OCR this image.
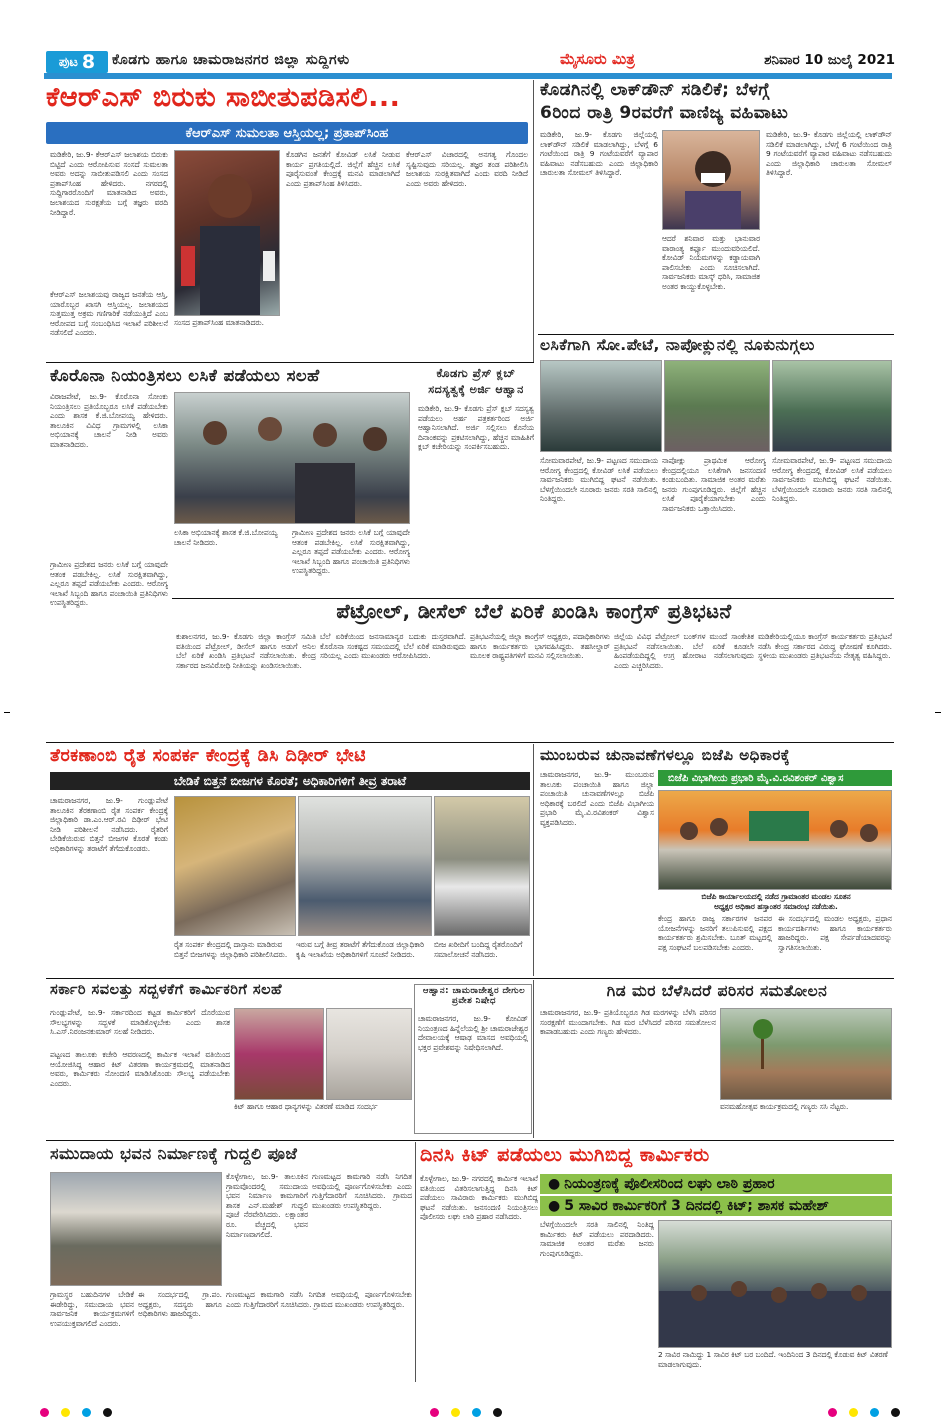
ಪುಟ 8 ಕೊಡಗು ಹಾಗೂ ಚಾಮರಾಜನಗರ ಜಿಲ್ಲಾ ಸುದ್ದಿಗಳು	ಮೈಸೂರು ಮಿತ್ರ	ಶನಿವಾರ 10 ಜುಲೈ 2021
ಕೆಆರ್‌ಎಸ್ ಬಿರುಕು ಸಾಬೀತುಪಡಿಸಲಿ...
ಕೆಆರ್‌ಎಸ್ ಸುಮಲತಾ ಆಸ್ತಿಯಲ್ಲ; ಪ್ರತಾಪ್‌ಸಿಂಹ
ಮಡಿಕೇರಿ, ಜು.9- ಕೆಆರ್‌ಎಸ್ ಜಲಾಶಯ ಬಿರುಕು ಬಿಟ್ಟಿದೆ ಎಂದು ಆರೋಪಿಸುವ ಸಂಸದೆ ಸುಮಲತಾ ಅವರು ಅದನ್ನು ಸಾಬೀತುಪಡಿಸಲಿ ಎಂದು ಸಂಸದ ಪ್ರತಾಪ್‌ಸಿಂಹ ಹೇಳಿದರು. ನಗರದಲ್ಲಿ ಸುದ್ದಿಗಾರರೊಂದಿಗೆ ಮಾತನಾಡಿದ ಅವರು, ಜಲಾಶಯದ ಸುರಕ್ಷತೆಯ ಬಗ್ಗೆ ತಜ್ಞರು ವರದಿ ನೀಡಿದ್ದಾರೆ.
ಸಂಸದ ಪ್ರತಾಪ್‌ಸಿಂಹ ಮಾತನಾಡಿದರು.
ಕೊಡಗಿನ ಜನತೆಗೆ ಕೋವಿಡ್ ಲಸಿಕೆ ನೀಡುವ ಕಾರ್ಯ ಪ್ರಗತಿಯಲ್ಲಿದೆ. ಜಿಲ್ಲೆಗೆ ಹೆಚ್ಚಿನ ಲಸಿಕೆ ಪೂರೈಸುವಂತೆ ಕೇಂದ್ರಕ್ಕೆ ಮನವಿ ಮಾಡಲಾಗಿದೆ ಎಂದು ಪ್ರತಾಪ್‌ಸಿಂಹ ತಿಳಿಸಿದರು.
ಕೆಆರ್‌ಎಸ್ ವಿಚಾರದಲ್ಲಿ ಅನಗತ್ಯ ಗೊಂದಲ ಸೃಷ್ಟಿಸುವುದು ಸರಿಯಲ್ಲ. ತಜ್ಞರ ತಂಡ ಪರಿಶೀಲಿಸಿ ಜಲಾಶಯ ಸುರಕ್ಷಿತವಾಗಿದೆ ಎಂದು ವರದಿ ನೀಡಿದೆ ಎಂದು ಅವರು ಹೇಳಿದರು.
ಕೆಆರ್‌ಎಸ್ ಜಲಾಶಯವು ರಾಜ್ಯದ ಜನತೆಯ ಆಸ್ತಿ, ಯಾರೊಬ್ಬರ ಖಾಸಗಿ ಆಸ್ತಿಯಲ್ಲ. ಜಲಾಶಯದ ಸುತ್ತಮುತ್ತ ಅಕ್ರಮ ಗಣಿಗಾರಿಕೆ ನಡೆಯುತ್ತಿದೆ ಎಂಬ ಆರೋಪದ ಬಗ್ಗೆ ಸಂಬಂಧಿಸಿದ ಇಲಾಖೆ ಪರಿಶೀಲನೆ ನಡೆಸಲಿದೆ ಎಂದರು.
ಕೊಡಗಿನಲ್ಲಿ ಲಾಕ್‌ಡೌನ್ ಸಡಿಲಿಕೆ; ಬೆಳಗ್ಗೆ
6ರಿಂದ ರಾತ್ರಿ 9ರವರೆಗೆ ವಾಣಿಜ್ಯ ವಹಿವಾಟು
ಮಡಿಕೇರಿ, ಜು.9- ಕೊಡಗು ಜಿಲ್ಲೆಯಲ್ಲಿ ಲಾಕ್‌ಡೌನ್ ಸಡಿಲಿಕೆ ಮಾಡಲಾಗಿದ್ದು, ಬೆಳಗ್ಗೆ 6 ಗಂಟೆಯಿಂದ ರಾತ್ರಿ 9 ಗಂಟೆಯವರೆಗೆ ವ್ಯಾಪಾರ ವಹಿವಾಟು ನಡೆಸಬಹುದು ಎಂದು ಜಿಲ್ಲಾಧಿಕಾರಿ ಚಾರುಲತಾ ಸೋಮಲ್ ತಿಳಿಸಿದ್ದಾರೆ.
ಆದರೆ ಶನಿವಾರ ಮತ್ತು ಭಾನುವಾರ ವಾರಾಂತ್ಯ ಕರ್ಫ್ಯೂ ಮುಂದುವರಿಯಲಿದೆ. ಕೋವಿಡ್ ನಿಯಮಗಳನ್ನು ಕಡ್ಡಾಯವಾಗಿ ಪಾಲಿಸಬೇಕು ಎಂದು ಸೂಚಿಸಲಾಗಿದೆ. ಸಾರ್ವಜನಿಕರು ಮಾಸ್ಕ್ ಧರಿಸಿ, ಸಾಮಾಜಿಕ ಅಂತರ ಕಾಯ್ದುಕೊಳ್ಳಬೇಕು.
ಮಡಿಕೇರಿ, ಜು.9- ಕೊಡಗು ಜಿಲ್ಲೆಯಲ್ಲಿ ಲಾಕ್‌ಡೌನ್ ಸಡಿಲಿಕೆ ಮಾಡಲಾಗಿದ್ದು, ಬೆಳಗ್ಗೆ 6 ಗಂಟೆಯಿಂದ ರಾತ್ರಿ 9 ಗಂಟೆಯವರೆಗೆ ವ್ಯಾಪಾರ ವಹಿವಾಟು ನಡೆಸಬಹುದು ಎಂದು ಜಿಲ್ಲಾಧಿಕಾರಿ ಚಾರುಲತಾ ಸೋಮಲ್ ತಿಳಿಸಿದ್ದಾರೆ.
ಲಸಿಕೆಗಾಗಿ ಸೋ.ಪೇಟೆ, ನಾಪೋಕ್ಲುನಲ್ಲಿ ನೂಕುನುಗ್ಗಲು
ಸೋಮವಾರಪೇಟೆ, ಜು.9- ಪಟ್ಟಣದ ಸಮುದಾಯ ಆರೋಗ್ಯ ಕೇಂದ್ರದಲ್ಲಿ ಕೋವಿಡ್ ಲಸಿಕೆ ಪಡೆಯಲು ಸಾರ್ವಜನಿಕರು ಮುಗಿಬಿದ್ದ ಘಟನೆ ನಡೆಯಿತು. ಬೆಳಗ್ಗೆಯಿಂದಲೇ ನೂರಾರು ಜನರು ಸರತಿ ಸಾಲಿನಲ್ಲಿ ನಿಂತಿದ್ದರು.
ನಾಪೋಕ್ಲು ಪ್ರಾಥಮಿಕ ಆರೋಗ್ಯ ಕೇಂದ್ರದಲ್ಲಿಯೂ ಲಸಿಕೆಗಾಗಿ ಜನಸಂದಣಿ ಕಂಡುಬಂದಿತು. ಸಾಮಾಜಿಕ ಅಂತರ ಮರೆತು ಜನರು ಗುಂಪುಗೂಡಿದ್ದರು. ಜಿಲ್ಲೆಗೆ ಹೆಚ್ಚಿನ ಲಸಿಕೆ ಪೂರೈಕೆಯಾಗಬೇಕು ಎಂದು ಸಾರ್ವಜನಿಕರು ಒತ್ತಾಯಿಸಿದರು.
ಸೋಮವಾರಪೇಟೆ, ಜು.9- ಪಟ್ಟಣದ ಸಮುದಾಯ ಆರೋಗ್ಯ ಕೇಂದ್ರದಲ್ಲಿ ಕೋವಿಡ್ ಲಸಿಕೆ ಪಡೆಯಲು ಸಾರ್ವಜನಿಕರು ಮುಗಿಬಿದ್ದ ಘಟನೆ ನಡೆಯಿತು. ಬೆಳಗ್ಗೆಯಿಂದಲೇ ನೂರಾರು ಜನರು ಸರತಿ ಸಾಲಿನಲ್ಲಿ ನಿಂತಿದ್ದರು.
ಕೊರೊನಾ ನಿಯಂತ್ರಿಸಲು ಲಸಿಕೆ ಪಡೆಯಲು ಸಲಹೆ
ವಿರಾಜಪೇಟೆ, ಜು.9- ಕೊರೊನಾ ಸೋಂಕು ನಿಯಂತ್ರಿಸಲು ಪ್ರತಿಯೊಬ್ಬರೂ ಲಸಿಕೆ ಪಡೆಯಬೇಕು ಎಂದು ಶಾಸಕ ಕೆ.ಜಿ.ಬೋಪಯ್ಯ ಹೇಳಿದರು. ತಾಲೂಕಿನ ವಿವಿಧ ಗ್ರಾಮಗಳಲ್ಲಿ ಲಸಿಕಾ ಅಭಿಯಾನಕ್ಕೆ ಚಾಲನೆ ನೀಡಿ ಅವರು ಮಾತನಾಡಿದರು.
ಲಸಿಕಾ ಅಭಿಯಾನಕ್ಕೆ ಶಾಸಕ ಕೆ.ಜಿ.ಬೋಪಯ್ಯ ಚಾಲನೆ ನೀಡಿದರು.
ಗ್ರಾಮೀಣ ಪ್ರದೇಶದ ಜನರು ಲಸಿಕೆ ಬಗ್ಗೆ ಯಾವುದೇ ಆತಂಕ ಪಡಬೇಕಿಲ್ಲ. ಲಸಿಕೆ ಸುರಕ್ಷಿತವಾಗಿದ್ದು, ಎಲ್ಲರೂ ತಪ್ಪದೆ ಪಡೆಯಬೇಕು ಎಂದರು. ಆರೋಗ್ಯ ಇಲಾಖೆ ಸಿಬ್ಬಂದಿ ಹಾಗೂ ಪಂಚಾಯಿತಿ ಪ್ರತಿನಿಧಿಗಳು ಉಪಸ್ಥಿತರಿದ್ದರು.
ಗ್ರಾಮೀಣ ಪ್ರದೇಶದ ಜನರು ಲಸಿಕೆ ಬಗ್ಗೆ ಯಾವುದೇ ಆತಂಕ ಪಡಬೇಕಿಲ್ಲ. ಲಸಿಕೆ ಸುರಕ್ಷಿತವಾಗಿದ್ದು, ಎಲ್ಲರೂ ತಪ್ಪದೆ ಪಡೆಯಬೇಕು ಎಂದರು. ಆರೋಗ್ಯ ಇಲಾಖೆ ಸಿಬ್ಬಂದಿ ಹಾಗೂ ಪಂಚಾಯಿತಿ ಪ್ರತಿನಿಧಿಗಳು ಉಪಸ್ಥಿತರಿದ್ದರು.
ಕೊಡಗು ಪ್ರೆಸ್ ಕ್ಲಬ್
ಸದಸ್ಯತ್ವಕ್ಕೆ ಅರ್ಜಿ ಆಹ್ವಾನ
ಮಡಿಕೇರಿ, ಜು.9- ಕೊಡಗು ಪ್ರೆಸ್ ಕ್ಲಬ್ ಸದಸ್ಯತ್ವ ಪಡೆಯಲು ಅರ್ಹ ಪತ್ರಕರ್ತರಿಂದ ಅರ್ಜಿ ಆಹ್ವಾನಿಸಲಾಗಿದೆ. ಅರ್ಜಿ ಸಲ್ಲಿಸಲು ಕೊನೆಯ ದಿನಾಂಕವನ್ನು ಪ್ರಕಟಿಸಲಾಗಿದ್ದು, ಹೆಚ್ಚಿನ ಮಾಹಿತಿಗೆ ಕ್ಲಬ್ ಕಚೇರಿಯನ್ನು ಸಂಪರ್ಕಿಸಬಹುದು.
ಪೆಟ್ರೋಲ್, ಡೀಸೆಲ್ ಬೆಲೆ ಏರಿಕೆ ಖಂಡಿಸಿ ಕಾಂಗ್ರೆಸ್ ಪ್ರತಿಭಟನೆ
ಕುಶಾಲನಗರ, ಜು.9- ಕೊಡಗು ಜಿಲ್ಲಾ ಕಾಂಗ್ರೆಸ್ ಸಮಿತಿ ವತಿಯಿಂದ ಪೆಟ್ರೋಲ್, ಡೀಸೆಲ್ ಹಾಗೂ ಅಡುಗೆ ಅನಿಲ ಬೆಲೆ ಏರಿಕೆ ಖಂಡಿಸಿ ಪ್ರತಿಭಟನೆ ನಡೆಸಲಾಯಿತು. ಕೇಂದ್ರ ಸರ್ಕಾರದ ಜನವಿರೋಧಿ ನೀತಿಯನ್ನು ಖಂಡಿಸಲಾಯಿತು.
ಬೆಲೆ ಏರಿಕೆಯಿಂದ ಜನಸಾಮಾನ್ಯರ ಬದುಕು ದುಸ್ತರವಾಗಿದೆ. ಕೊರೊನಾ ಸಂಕಷ್ಟದ ಸಮಯದಲ್ಲಿ ಬೆಲೆ ಏರಿಕೆ ಮಾಡಿರುವುದು ಸರಿಯಲ್ಲ ಎಂದು ಮುಖಂಡರು ಆರೋಪಿಸಿದರು.
ಪ್ರತಿಭಟನೆಯಲ್ಲಿ ಜಿಲ್ಲಾ ಕಾಂಗ್ರೆಸ್ ಅಧ್ಯಕ್ಷರು, ಪದಾಧಿಕಾರಿಗಳು ಹಾಗೂ ಕಾರ್ಯಕರ್ತರು ಭಾಗವಹಿಸಿದ್ದರು. ತಹಸೀಲ್ದಾರ್ ಮೂಲಕ ರಾಷ್ಟ್ರಪತಿಗಳಿಗೆ ಮನವಿ ಸಲ್ಲಿಸಲಾಯಿತು.
ಜಿಲ್ಲೆಯ ವಿವಿಧ ಪೆಟ್ರೋಲ್ ಬಂಕ್‌ಗಳ ಮುಂದೆ ಸಾಂಕೇತಿಕ ಪ್ರತಿಭಟನೆ ನಡೆಸಲಾಯಿತು. ಬೆಲೆ ಏರಿಕೆ ಕೂಡಲೇ ಹಿಂಪಡೆಯದಿದ್ದಲ್ಲಿ ಉಗ್ರ ಹೋರಾಟ ನಡೆಸಲಾಗುವುದು ಎಂದು ಎಚ್ಚರಿಸಿದರು.
ಮಡಿಕೇರಿಯಲ್ಲಿಯೂ ಕಾಂಗ್ರೆಸ್ ಕಾರ್ಯಕರ್ತರು ಪ್ರತಿಭಟನೆ ನಡೆಸಿ ಕೇಂದ್ರ ಸರ್ಕಾರದ ವಿರುದ್ಧ ಘೋಷಣೆ ಕೂಗಿದರು. ಸ್ಥಳೀಯ ಮುಖಂಡರು ಪ್ರತಿಭಟನೆಯ ನೇತೃತ್ವ ವಹಿಸಿದ್ದರು.
ತೆರಕಣಾಂಬಿ ರೈತ ಸಂಪರ್ಕ ಕೇಂದ್ರಕ್ಕೆ ಡಿಸಿ ದಿಢೀರ್ ಭೇಟಿ
ಬೇಡಿಕೆ ಬಿತ್ತನೆ ಬೀಜಗಳ ಕೊರತೆ; ಅಧಿಕಾರಿಗಳಿಗೆ ತೀವ್ರ ತರಾಟೆ
ಚಾಮರಾಜನಗರ, ಜು.9- ಗುಂಡ್ಲುಪೇಟೆ ತಾಲೂಕಿನ ತೆರಕಣಾಂಬಿ ರೈತ ಸಂಪರ್ಕ ಕೇಂದ್ರಕ್ಕೆ ಜಿಲ್ಲಾಧಿಕಾರಿ ಡಾ.ಎಂ.ಆರ್.ರವಿ ದಿಢೀರ್ ಭೇಟಿ ನೀಡಿ ಪರಿಶೀಲನೆ ನಡೆಸಿದರು. ರೈತರಿಗೆ ಬೇಡಿಕೆಯಿರುವ ಬಿತ್ತನೆ ಬೀಜಗಳ ಕೊರತೆ ಕಂಡು ಅಧಿಕಾರಿಗಳನ್ನು ತರಾಟೆಗೆ ತೆಗೆದುಕೊಂಡರು.
ರೈತ ಸಂಪರ್ಕ ಕೇಂದ್ರದಲ್ಲಿ ದಾಸ್ತಾನು ಮಾಡಿರುವ ಬಿತ್ತನೆ ಬೀಜಗಳನ್ನು ಜಿಲ್ಲಾಧಿಕಾರಿ ಪರಿಶೀಲಿಸಿದರು.
ಇರುವ ಬಗ್ಗೆ ತೀವ್ರ ತರಾಟೆಗೆ ತೆಗೆದುಕೊಂಡ ಜಿಲ್ಲಾಧಿಕಾರಿ ಕೃಷಿ ಇಲಾಖೆಯ ಅಧಿಕಾರಿಗಳಿಗೆ ಸೂಚನೆ ನೀಡಿದರು.
ಬೀಜ ಖರೀದಿಗೆ ಬಂದಿದ್ದ ರೈತರೊಂದಿಗೆ ಸಮಾಲೋಚನೆ ನಡೆಸಿದರು.
ಮುಂಬರುವ ಚುನಾವಣೆಗಳಲ್ಲೂ ಬಿಜೆಪಿ ಅಧಿಕಾರಕ್ಕೆ
ಬಿಜೆಪಿ ವಿಭಾಗೀಯ ಪ್ರಭಾರಿ ಮೈ.ವಿ.ರವಿಶಂಕರ್ ವಿಶ್ವಾಸ
ಚಾಮರಾಜನಗರ, ಜು.9- ಮುಂಬರುವ ತಾಲೂಕು ಪಂಚಾಯಿತಿ ಹಾಗೂ ಜಿಲ್ಲಾ ಪಂಚಾಯಿತಿ ಚುನಾವಣೆಗಳಲ್ಲೂ ಬಿಜೆಪಿ ಅಧಿಕಾರಕ್ಕೆ ಬರಲಿದೆ ಎಂದು ಬಿಜೆಪಿ ವಿಭಾಗೀಯ ಪ್ರಭಾರಿ ಮೈ.ವಿ.ರವಿಶಂಕರ್ ವಿಶ್ವಾಸ ವ್ಯಕ್ತಪಡಿಸಿದರು.
ಬಿಜೆಪಿ ಕಾರ್ಯಾಲಯದಲ್ಲಿ ನಡೆದ ಗ್ರಾಮಾಂತರ ಮಂಡಲ ಸೂತನ
ಅಧ್ಯಕ್ಷರ ಅಧಿಕಾರ ಹಸ್ತಾಂತರ ಸಮಾರಂಭ ನಡೆಯಿತು.
ಕೇಂದ್ರ ಹಾಗೂ ರಾಜ್ಯ ಸರ್ಕಾರಗಳ ಜನಪರ ಯೋಜನೆಗಳನ್ನು ಜನರಿಗೆ ತಲುಪಿಸುವಲ್ಲಿ ಪಕ್ಷದ ಕಾರ್ಯಕರ್ತರು ಶ್ರಮಿಸಬೇಕು. ಬೂತ್ ಮಟ್ಟದಲ್ಲಿ ಪಕ್ಷ ಸಂಘಟನೆ ಬಲಪಡಿಸಬೇಕು ಎಂದರು.
ಈ ಸಂದರ್ಭದಲ್ಲಿ ಮಂಡಲ ಅಧ್ಯಕ್ಷರು, ಪ್ರಧಾನ ಕಾರ್ಯದರ್ಶಿಗಳು ಹಾಗೂ ಕಾರ್ಯಕರ್ತರು ಹಾಜರಿದ್ದರು. ಪಕ್ಷ ಸೇರ್ಪಡೆಯಾದವರನ್ನು ಸ್ವಾಗತಿಸಲಾಯಿತು.
ಸರ್ಕಾರಿ ಸವಲತ್ತು ಸದ್ಬಳಕೆಗೆ ಕಾರ್ಮಿಕರಿಗೆ ಸಲಹೆ
ಗುಂಡ್ಲುಪೇಟೆ, ಜು.9- ಸರ್ಕಾರದಿಂದ ಕಟ್ಟಡ ಕಾರ್ಮಿಕರಿಗೆ ದೊರೆಯುವ ಸೌಲಭ್ಯಗಳನ್ನು ಸದ್ಬಳಕೆ ಮಾಡಿಕೊಳ್ಳಬೇಕು ಎಂದು ಶಾಸಕ ಸಿ.ಎಸ್.ನಿರಂಜನಕುಮಾರ್ ಸಲಹೆ ನೀಡಿದರು.
ಕಿಟ್ ಹಾಗೂ ಆಹಾರ ಧಾನ್ಯಗಳನ್ನು ವಿತರಣೆ ಮಾಡಿದ ಸಂದರ್ಭ
ಪಟ್ಟಣದ ತಾಲೂಕು ಕಚೇರಿ ಆವರಣದಲ್ಲಿ ಕಾರ್ಮಿಕ ಇಲಾಖೆ ವತಿಯಿಂದ ಆಯೋಜಿಸಿದ್ದ ಆಹಾರ ಕಿಟ್ ವಿತರಣಾ ಕಾರ್ಯಕ್ರಮದಲ್ಲಿ ಮಾತನಾಡಿದ ಅವರು, ಕಾರ್ಮಿಕರು ನೋಂದಣಿ ಮಾಡಿಸಿಕೊಂಡು ಸೌಲಭ್ಯ ಪಡೆಯಬೇಕು ಎಂದರು.
ಆಹ್ವಾನ: ಚಾಮರಾಜೇಶ್ವರ ದೇಗುಲ ಪ್ರವೇಶ ನಿಷೇಧ
ಚಾಮರಾಜನಗರ, ಜು.9- ಕೋವಿಡ್ ನಿಯಂತ್ರಣದ ಹಿನ್ನೆಲೆಯಲ್ಲಿ ಶ್ರೀ ಚಾಮರಾಜೇಶ್ವರ ದೇವಾಲಯಕ್ಕೆ ಆಷಾಢ ಮಾಸದ ಅವಧಿಯಲ್ಲಿ ಭಕ್ತರ ಪ್ರವೇಶವನ್ನು ನಿಷೇಧಿಸಲಾಗಿದೆ.
ಗಿಡ ಮರ ಬೆಳೆಸಿದರೆ ಪರಿಸರ ಸಮತೋಲನ
ಚಾಮರಾಜನಗರ, ಜು.9- ಪ್ರತಿಯೊಬ್ಬರೂ ಗಿಡ ಮರಗಳನ್ನು ಬೆಳೆಸಿ ಪರಿಸರ ಸಂರಕ್ಷಣೆಗೆ ಮುಂದಾಗಬೇಕು. ಗಿಡ ಮರ ಬೆಳೆಸಿದರೆ ಪರಿಸರ ಸಮತೋಲನ ಕಾಪಾಡಬಹುದು ಎಂದು ಗಣ್ಯರು ಹೇಳಿದರು.
ವನಮಹೋತ್ಸವ ಕಾರ್ಯಕ್ರಮದಲ್ಲಿ ಗಣ್ಯರು ಸಸಿ ನೆಟ್ಟರು.
ಸಮುದಾಯ ಭವನ ನಿರ್ಮಾಣಕ್ಕೆ ಗುದ್ದಲಿ ಪೂಜೆ
ಕೊಳ್ಳೇಗಾಲ, ಜು.9- ತಾಲೂಕಿನ ಗ್ರಾಮವೊಂದರಲ್ಲಿ ಸಮುದಾಯ ಭವನ ನಿರ್ಮಾಣ ಕಾಮಗಾರಿಗೆ ಶಾಸಕ ಎನ್.ಮಹೇಶ್ ಗುದ್ದಲಿ ಪೂಜೆ ನೆರವೇರಿಸಿದರು. ಲಕ್ಷಾಂತರ ರೂ. ವೆಚ್ಚದಲ್ಲಿ ಭವನ ನಿರ್ಮಾಣವಾಗಲಿದೆ.
ಗುಣಮಟ್ಟದ ಕಾಮಗಾರಿ ನಡೆಸಿ ನಿಗದಿತ ಅವಧಿಯಲ್ಲಿ ಪೂರ್ಣಗೊಳಿಸಬೇಕು ಎಂದು ಗುತ್ತಿಗೆದಾರರಿಗೆ ಸೂಚಿಸಿದರು. ಗ್ರಾಮದ ಮುಖಂಡರು ಉಪಸ್ಥಿತರಿದ್ದರು.
ಗ್ರಾಮಸ್ಥರ ಬಹುದಿನಗಳ ಬೇಡಿಕೆ ಈಡೇರಿದ್ದು, ಸಮುದಾಯ ಭವನ ಸಾರ್ವಜನಿಕ ಕಾರ್ಯಕ್ರಮಗಳಿಗೆ ಉಪಯುಕ್ತವಾಗಲಿದೆ ಎಂದರು.
ಈ ಸಂದರ್ಭದಲ್ಲಿ ಗ್ರಾ.ಪಂ. ಅಧ್ಯಕ್ಷರು, ಸದಸ್ಯರು ಹಾಗೂ ಅಧಿಕಾರಿಗಳು ಹಾಜರಿದ್ದರು.
ಗುಣಮಟ್ಟದ ಕಾಮಗಾರಿ ನಡೆಸಿ ನಿಗದಿತ ಅವಧಿಯಲ್ಲಿ ಪೂರ್ಣಗೊಳಿಸಬೇಕು ಎಂದು ಗುತ್ತಿಗೆದಾರರಿಗೆ ಸೂಚಿಸಿದರು. ಗ್ರಾಮದ ಮುಖಂಡರು ಉಪಸ್ಥಿತರಿದ್ದರು.
ದಿನಸಿ ಕಿಟ್ ಪಡೆಯಲು ಮುಗಿಬಿದ್ದ ಕಾರ್ಮಿಕರು
ಕೊಳ್ಳೇಗಾಲ, ಜು.9- ನಗರದಲ್ಲಿ ಕಾರ್ಮಿಕ ಇಲಾಖೆ ವತಿಯಿಂದ ವಿತರಿಸಲಾಗುತ್ತಿದ್ದ ದಿನಸಿ ಕಿಟ್ ಪಡೆಯಲು ಸಾವಿರಾರು ಕಾರ್ಮಿಕರು ಮುಗಿಬಿದ್ದ ಘಟನೆ ನಡೆಯಿತು. ಜನಸಂದಣಿ ನಿಯಂತ್ರಿಸಲು ಪೊಲೀಸರು ಲಘು ಲಾಠಿ ಪ್ರಹಾರ ನಡೆಸಿದರು.
● ನಿಯಂತ್ರಣಕ್ಕೆ ಪೊಲೀಸರಿಂದ ಲಘು ಲಾಠಿ ಪ್ರಹಾರ
● 5 ಸಾವಿರ ಕಾರ್ಮಿಕರಿಗೆ 3 ದಿನದಲ್ಲಿ ಕಿಟ್; ಶಾಸಕ ಮಹೇಶ್
ಬೆಳಗ್ಗೆಯಿಂದಲೇ ಸರತಿ ಸಾಲಿನಲ್ಲಿ ನಿಂತಿದ್ದ ಕಾರ್ಮಿಕರು ಕಿಟ್ ಪಡೆಯಲು ಪರದಾಡಿದರು. ಸಾಮಾಜಿಕ ಅಂತರ ಮರೆತು ಜನರು ಗುಂಪುಗೂಡಿದ್ದರು.
2 ಸಾವಿರ ನಾಮಿದ್ದು 1 ಸಾವಿರ ಕಿಟ್ ಬರ ಬಂದಿದೆ. ಇಂದಿನಿಂದ 3 ದಿನದಲ್ಲಿ ಕೊಡುವ ಕಿಟ್ ವಿತರಣೆ ಮಾಡಲಾಗುವುದು.
